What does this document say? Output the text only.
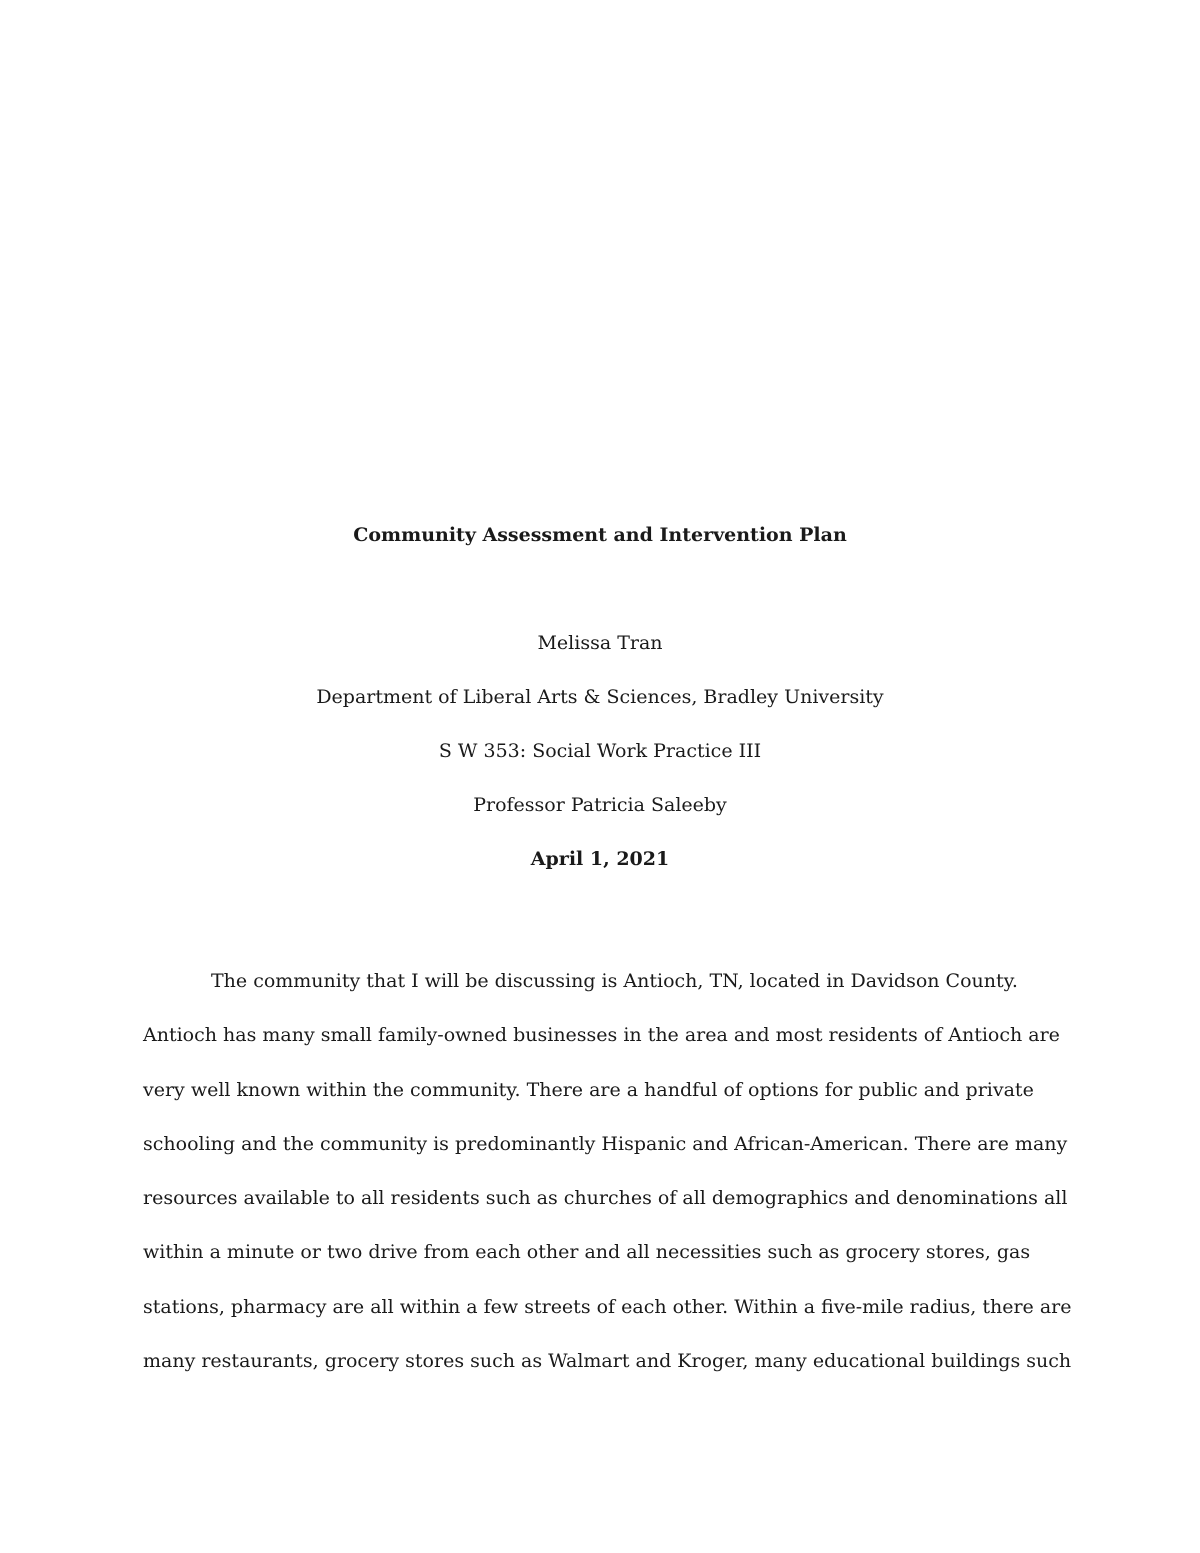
Community Assessment and Intervention Plan

Melissa Tran

Department of Liberal Arts & Sciences, Bradley University

S W 353: Social Work Practice III

Professor Patricia Saleeby

April 1, 2021

The community that I will be discussing is Antioch, TN, located in Davidson County.
Antioch has many small family-owned businesses in the area and most residents of Antioch are
very well known within the community. There are a handful of options for public and private
schooling and the community is predominantly Hispanic and African-American. There are many
resources available to all residents such as churches of all demographics and denominations all
within a minute or two drive from each other and all necessities such as grocery stores, gas
stations, pharmacy are all within a few streets of each other. Within a five-mile radius, there are
many restaurants, grocery stores such as Walmart and Kroger, many educational buildings such
